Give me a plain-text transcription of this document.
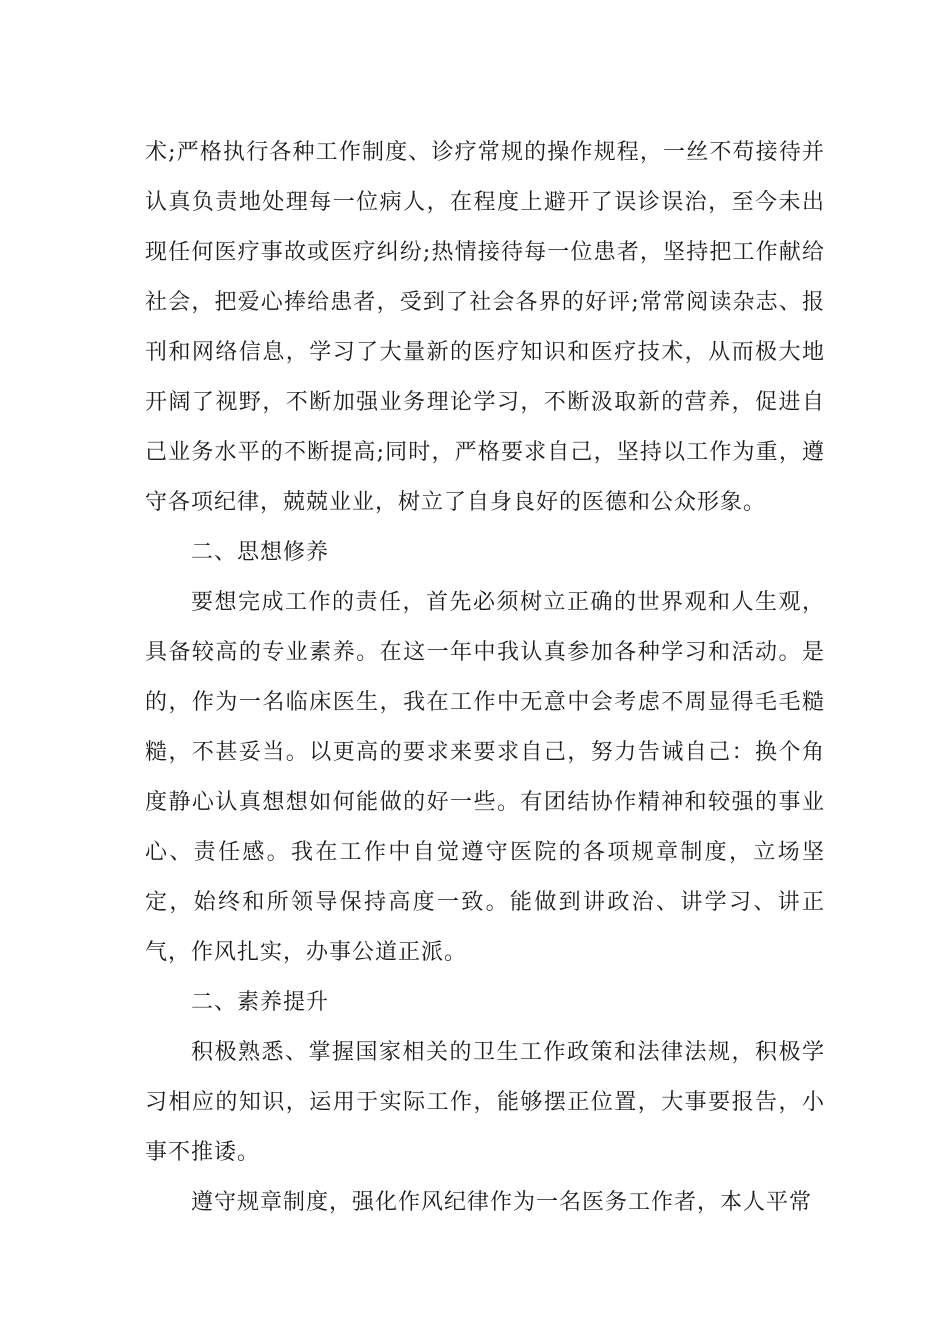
术;严格执行各种工作制度、诊疗常规的操作规程，一丝不苟接待并认真负责地处理每一位病人，在程度上避开了误诊误治，至今未出现任何医疗事故或医疗纠纷;热情接待每一位患者，坚持把工作献给社会，把爱心捧给患者，受到了社会各界的好评;常常阅读杂志、报刊和网络信息，学习了大量新的医疗知识和医疗技术，从而极大地开阔了视野，不断加强业务理论学习，不断汲取新的营养，促进自己业务水平的不断提高;同时，严格要求自己，坚持以工作为重，遵守各项纪律，兢兢业业，树立了自身良好的医德和公众形象。

二、思想修养

要想完成工作的责任，首先必须树立正确的世界观和人生观，具备较高的专业素养。在这一年中我认真参加各种学习和活动。是的，作为一名临床医生，我在工作中无意中会考虑不周显得毛毛糙糙，不甚妥当。以更高的要求来要求自己，努力告诫自己：换个角度静心认真想想如何能做的好一些。有团结协作精神和较强的事业心、责任感。我在工作中自觉遵守医院的各项规章制度，立场坚定，始终和所领导保持高度一致。能做到讲政治、讲学习、讲正气，作风扎实，办事公道正派。

二、素养提升

积极熟悉、掌握国家相关的卫生工作政策和法律法规，积极学习相应的知识，运用于实际工作，能够摆正位置，大事要报告，小事不推诿。

遵守规章制度，强化作风纪律作为一名医务工作者，本人平常
